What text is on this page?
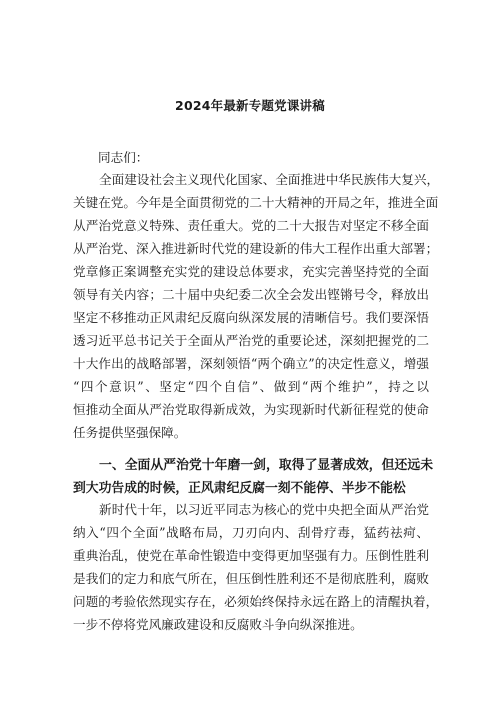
2024年最新专题党课讲稿
同志们：
全面建设社会主义现代化国家、全面推进中华民族伟大复兴，
关键在党。今年是全面贯彻党的二十大精神的开局之年，推进全面
从严治党意义特殊、责任重大。党的二十大报告对坚定不移全面
从严治党、深入推进新时代党的建设新的伟大工程作出重大部署；
党章修正案调整充实党的建设总体要求，充实完善坚持党的全面
领导有关内容；二十届中央纪委二次全会发出铿锵号令，释放出
坚定不移推动正风肃纪反腐向纵深发展的清晰信号。我们要深悟
透习近平总书记关于全面从严治党的重要论述，深刻把握党的二
十大作出的战略部署，深刻领悟“两个确立”的决定性意义，增强
“四个意识”、坚定“四个自信”、做到“两个维护”，持之以
恒推动全面从严治党取得新成效，为实现新时代新征程党的使命
任务提供坚强保障。
一、全面从严治党十年磨一剑，取得了显著成效，但还远未
到大功告成的时候，正风肃纪反腐一刻不能停、半步不能松
新时代十年，以习近平同志为核心的党中央把全面从严治党
纳入“四个全面”战略布局，刀刃向内、刮骨疗毒，猛药祛疴、
重典治乱，使党在革命性锻造中变得更加坚强有力。压倒性胜利
是我们的定力和底气所在，但压倒性胜利还不是彻底胜利，腐败
问题的考验依然现实存在，必须始终保持永远在路上的清醒执着，
一步不停将党风廉政建设和反腐败斗争向纵深推进。
